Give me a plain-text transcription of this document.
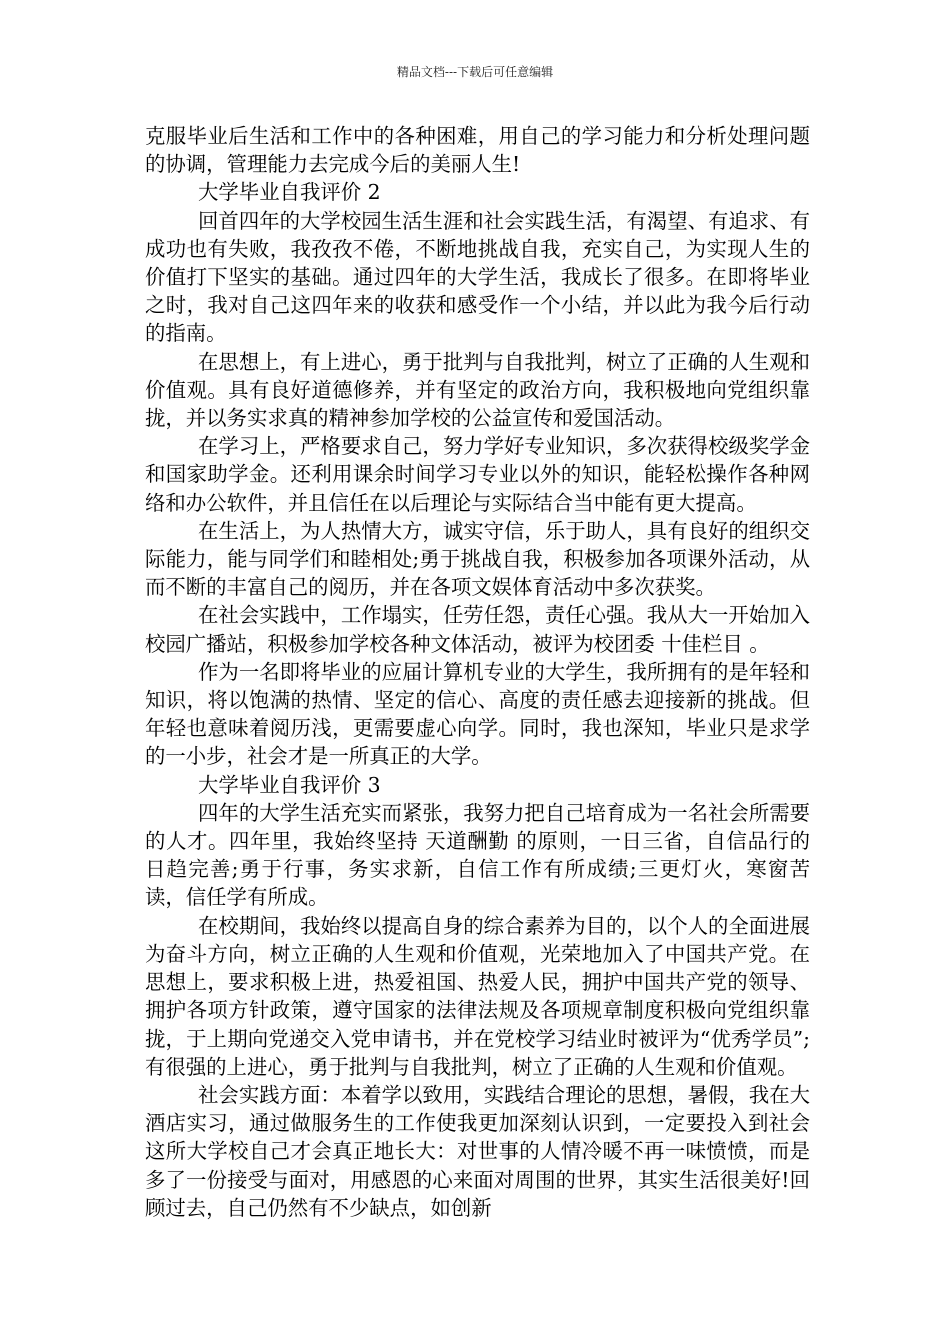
精品文档---下载后可任意编辑

克服毕业后生活和工作中的各种困难，用自己的学习能力和分析处理问题的协调，管理能力去完成今后的美丽人生!

大学毕业自我评价 2

回首四年的大学校园生活生涯和社会实践生活，有渴望、有追求、有成功也有失败，我孜孜不倦，不断地挑战自我，充实自己，为实现人生的价值打下坚实的基础。通过四年的大学生活，我成长了很多。在即将毕业之时，我对自己这四年来的收获和感受作一个小结，并以此为我今后行动的指南。

在思想上，有上进心，勇于批判与自我批判，树立了正确的人生观和价值观。具有良好道德修养，并有坚定的政治方向，我积极地向党组织靠拢，并以务实求真的精神参加学校的公益宣传和爱国活动。

在学习上，严格要求自己，努力学好专业知识，多次获得校级奖学金和国家助学金。还利用课余时间学习专业以外的知识，能轻松操作各种网络和办公软件，并且信任在以后理论与实际结合当中能有更大提高。

在生活上，为人热情大方，诚实守信，乐于助人，具有良好的组织交际能力，能与同学们和睦相处;勇于挑战自我，积极参加各项课外活动，从而不断的丰富自己的阅历，并在各项文娱体育活动中多次获奖。

在社会实践中，工作塌实，任劳任怨，责任心强。我从大一开始加入校园广播站，积极参加学校各种文体活动，被评为校团委 十佳栏目 。

作为一名即将毕业的应届计算机专业的大学生，我所拥有的是年轻和知识，将以饱满的热情、坚定的信心、高度的责任感去迎接新的挑战。但年轻也意味着阅历浅，更需要虚心向学。同时，我也深知，毕业只是求学的一小步，社会才是一所真正的大学。

大学毕业自我评价 3

四年的大学生活充实而紧张，我努力把自己培育成为一名社会所需要的人才。四年里，我始终坚持 天道酬勤 的原则，一日三省，自信品行的日趋完善;勇于行事，务实求新，自信工作有所成绩;三更灯火，寒窗苦读，信任学有所成。

在校期间，我始终以提高自身的综合素养为目的，以个人的全面进展为奋斗方向，树立正确的人生观和价值观，光荣地加入了中国共产党。在思想上，要求积极上进，热爱祖国、热爱人民，拥护中国共产党的领导、拥护各项方针政策，遵守国家的法律法规及各项规章制度积极向党组织靠拢，于上期向党递交入党申请书，并在党校学习结业时被评为“优秀学员”;有很强的上进心，勇于批判与自我批判，树立了正确的人生观和价值观。

社会实践方面：本着学以致用，实践结合理论的思想，暑假，我在大酒店实习，通过做服务生的工作使我更加深刻认识到，一定要投入到社会这所大学校自己才会真正地长大：对世事的人情冷暖不再一味愤愤，而是多了一份接受与面对，用感恩的心来面对周围的世界，其实生活很美好!回顾过去，自己仍然有不少缺点，如创新
